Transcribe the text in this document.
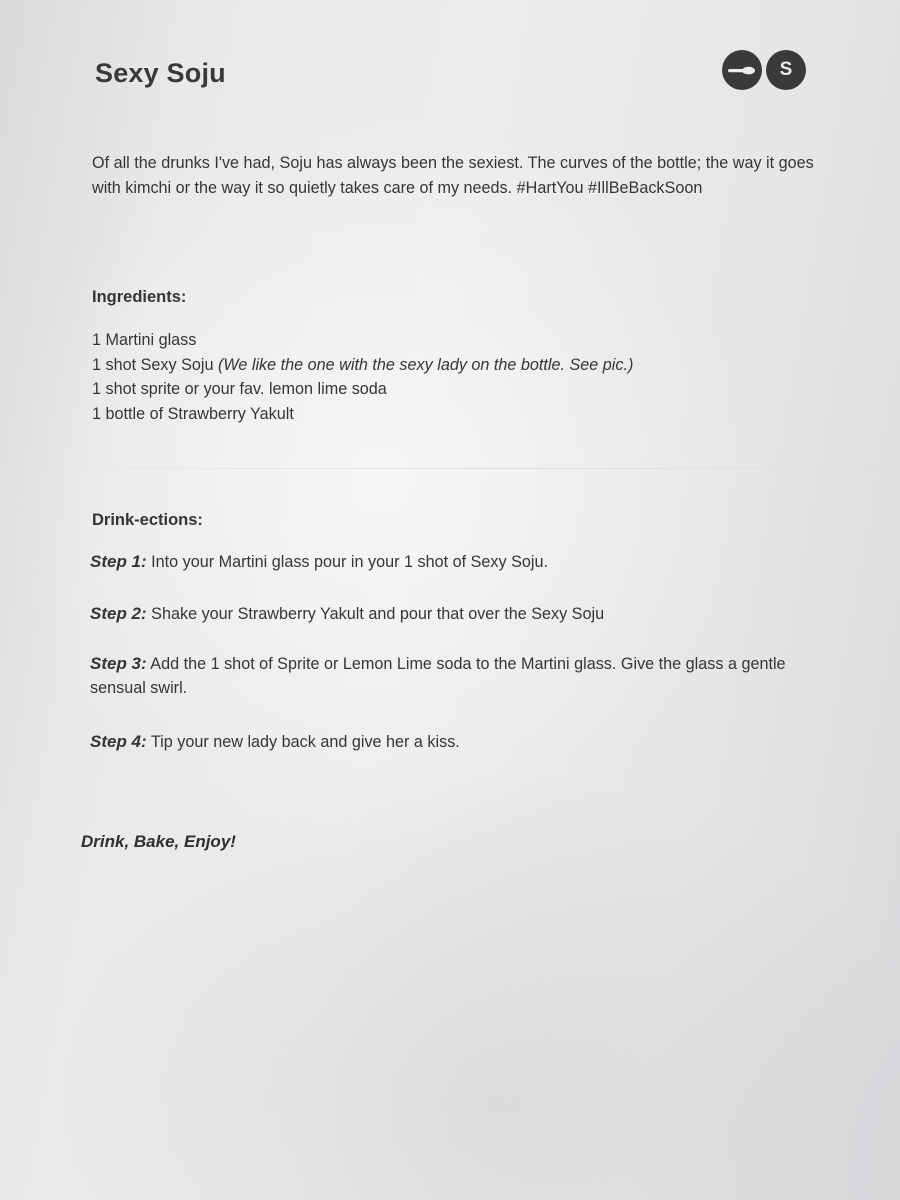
Sexy Soju	S

Of all the drunks I've had, Soju has always been the sexiest. The curves of the bottle; the way it goes with kimchi or the way it so quietly takes care of my needs. #HartYou #IllBeBackSoon

Ingredients:
1 Martini glass
1 shot Sexy Soju (We like the one with the sexy lady on the bottle. See pic.)
1 shot sprite or your fav. lemon lime soda
1 bottle of Strawberry Yakult
Drink-ections:

Step 1: Into your Martini glass pour in your 1 shot of Sexy Soju.

Step 2: Shake your Strawberry Yakult and pour that over the Sexy Soju

Step 3: Add the 1 shot of Sprite or Lemon Lime soda to the Martini glass. Give the glass a gentle sensual swirl.

Step 4: Tip your new lady back and give her a kiss.

Drink, Bake, Enjoy!
